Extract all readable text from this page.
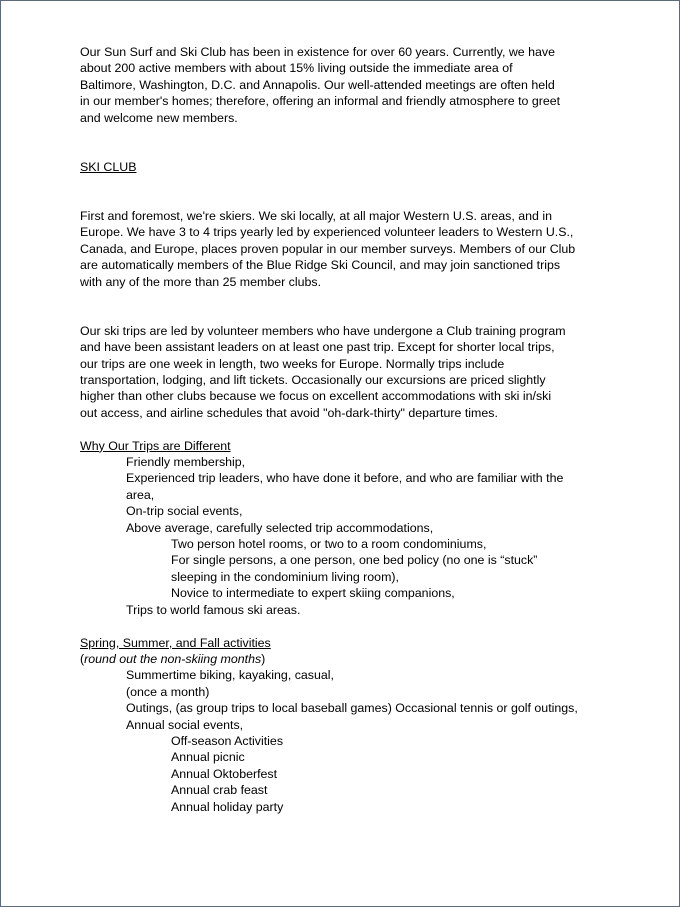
Our Sun Surf and Ski Club has been in existence for over 60 years. Currently, we have
about 200 active members with about 15% living outside the immediate area of
Baltimore, Washington, D.C. and Annapolis. Our well-attended meetings are often held
in our member's homes; therefore, offering an informal and friendly atmosphere to greet
and welcome new members.

SKI CLUB

First and foremost, we're skiers. We ski locally, at all major Western U.S. areas, and in
Europe. We have 3 to 4 trips yearly led by experienced volunteer leaders to Western U.S.,
Canada, and Europe, places proven popular in our member surveys. Members of our Club
are automatically members of the Blue Ridge Ski Council, and may join sanctioned trips
with any of the more than 25 member clubs.

Our ski trips are led by volunteer members who have undergone a Club training program
and have been assistant leaders on at least one past trip. Except for shorter local trips,
our trips are one week in length, two weeks for Europe. Normally trips include
transportation, lodging, and lift tickets. Occasionally our excursions are priced slightly
higher than other clubs because we focus on excellent accommodations with ski in/ski
out access, and airline schedules that avoid "oh-dark-thirty" departure times.

Why Our Trips are Different

Friendly membership,

Experienced trip leaders, who have done it before, and who are familiar with the

area,

On-trip social events,

Above average, carefully selected trip accommodations,

Two person hotel rooms, or two to a room condominiums,

For single persons, a one person, one bed policy (no one is “stuck”

sleeping in the condominium living room),

Novice to intermediate to expert skiing companions,

Trips to world famous ski areas.

Spring, Summer, and Fall activities

(round out the non-skiing months)

Summertime biking, kayaking, casual,

(once a month)

Outings, (as group trips to local baseball games) Occasional tennis or golf outings,

Annual social events,

Off-season Activities

Annual picnic

Annual Oktoberfest

Annual crab feast

Annual holiday party
